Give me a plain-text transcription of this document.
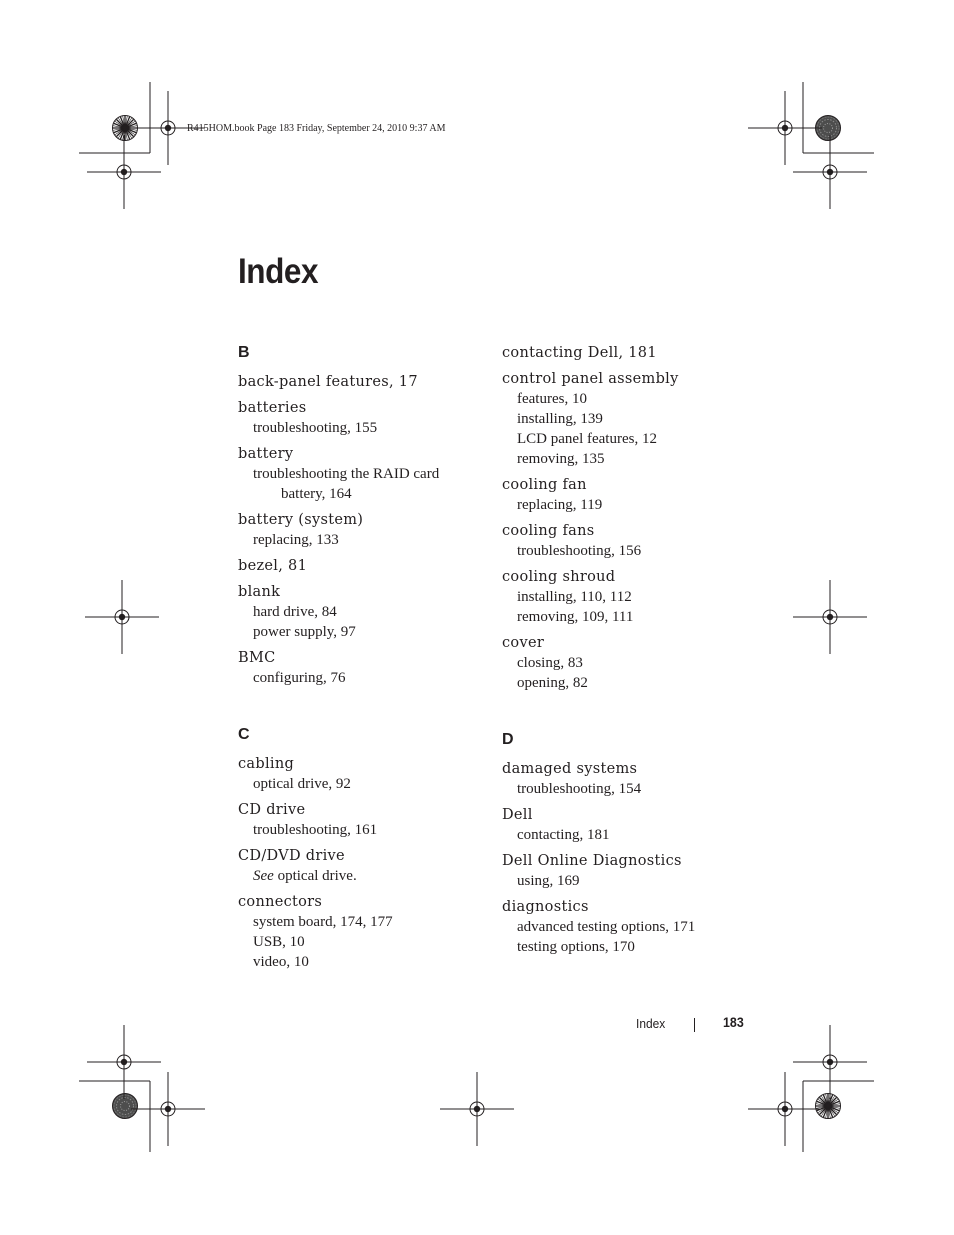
R415HOM.book Page 183 Friday, September 24, 2010 9:37 AM
Index
B
back-panel features, 17
batteries
troubleshooting, 155
battery
troubleshooting the RAID card
battery, 164
battery (system)
replacing, 133
bezel, 81
blank
hard drive, 84
power supply, 97
BMC
configuring, 76
C
cabling
optical drive, 92
CD drive
troubleshooting, 161
CD/DVD drive
See optical drive.
connectors
system board, 174, 177
USB, 10
video, 10
contacting Dell, 181
control panel assembly
features, 10
installing, 139
LCD panel features, 12
removing, 135
cooling fan
replacing, 119
cooling fans
troubleshooting, 156
cooling shroud
installing, 110, 112
removing, 109, 111
cover
closing, 83
opening, 82
D
damaged systems
troubleshooting, 154
Dell
contacting, 181
Dell Online Diagnostics
using, 169
diagnostics
advanced testing options, 171
testing options, 170
Index	183
